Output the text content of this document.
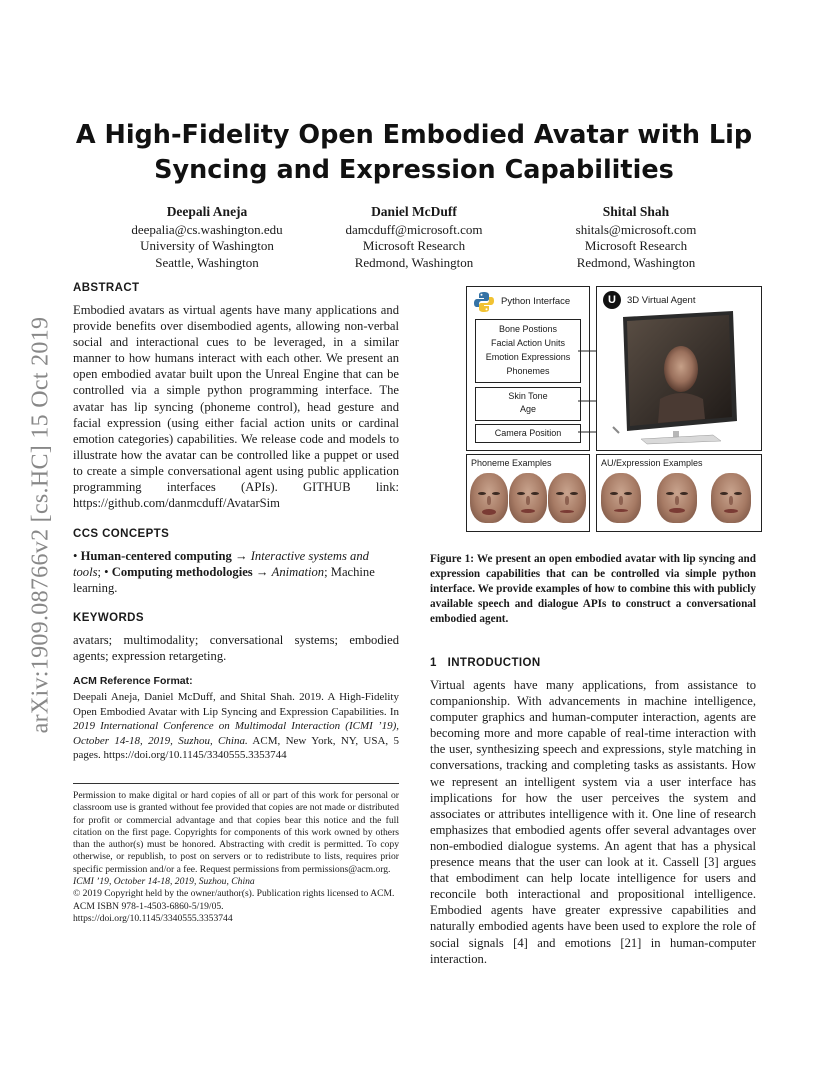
A High-Fidelity Open Embodied Avatar with Lip
Syncing and Expression Capabilities
Deepali Aneja
deepalia@cs.washington.edu
University of Washington
Seattle, Washington
Daniel McDuff
damcduff@microsoft.com
Microsoft Research
Redmond, Washington
Shital Shah
shitals@microsoft.com
Microsoft Research
Redmond, Washington
arXiv:1909.08766v2 [cs.HC] 15 Oct 2019
ABSTRACT
Embodied avatars as virtual agents have many applications and provide benefits over disembodied agents, allowing non-verbal social and interactional cues to be leveraged, in a similar manner to how humans interact with each other. We present an open embodied avatar built upon the Unreal Engine that can be controlled via a simple python programming interface. The avatar has lip syncing (phoneme control), head gesture and facial expression (using either facial action units or cardinal emotion categories) capabilities. We release code and models to illustrate how the avatar can be controlled like a puppet or used to create a simple conversational agent using public application programming interfaces (APIs). GITHUB link: https://github.com/danmcduff/AvatarSim
CCS CONCEPTS
• Human-centered computing → Interactive systems and tools; • Computing methodologies → Animation; Machine learning.
KEYWORDS
avatars; multimodality; conversational systems; embodied agents; expression retargeting.
ACM Reference Format:
Deepali Aneja, Daniel McDuff, and Shital Shah. 2019. A High-Fidelity Open Embodied Avatar with Lip Syncing and Expression Capabilities. In 2019 International Conference on Multimodal Interaction (ICMI ’19), October 14-18, 2019, Suzhou, China. ACM, New York, NY, USA, 5 pages. https://doi.org/10.1145/3340555.3353744
Permission to make digital or hard copies of all or part of this work for personal or classroom use is granted without fee provided that copies are not made or distributed for profit or commercial advantage and that copies bear this notice and the full citation on the first page. Copyrights for components of this work owned by others than the author(s) must be honored. Abstracting with credit is permitted. To copy otherwise, or republish, to post on servers or to redistribute to lists, requires prior specific permission and/or a fee. Request permissions from permissions@acm.org.
ICMI ’19, October 14-18, 2019, Suzhou, China
© 2019 Copyright held by the owner/author(s). Publication rights licensed to ACM.
ACM ISBN 978-1-4503-6860-5/19/05.
https://doi.org/10.1145/3340555.3353744
Python Interface
Bone Postions
Facial Action Units
Emotion Expressions
Phonemes
Skin Tone
Age
Camera Position
U	3D Virtual Agent
Phoneme Examples	AU/Expression Examples
Figure 1: We present an open embodied avatar with lip syncing and expression capabilities that can be controlled via simple python interface. We provide examples of how to combine this with publicly available speech and dialogue APIs to construct a conversational embodied agent.
1 INTRODUCTION
Virtual agents have many applications, from assistance to companionship. With advancements in machine intelligence, computer graphics and human-computer interaction, agents are becoming more and more capable of real-time interaction with the user, synthesizing speech and expressions, style matching in conversations, tracking and completing tasks as assistants. How we represent an intelligent system via a user interface has implications for how the user perceives the system and associates or attributes intelligence with it. One line of research emphasizes that embodied agents offer several advantages over non-embodied dialogue systems. An agent that has a physical presence means that the user can look at it. Cassell [3] argues that embodiment can help locate intelligence for users and reconcile both interactional and propositional intelligence. Embodied agents have greater expressive capabilities and naturally embodied agents have been used to explore the role of social signals [4] and emotions [21] in human-computer interaction.
